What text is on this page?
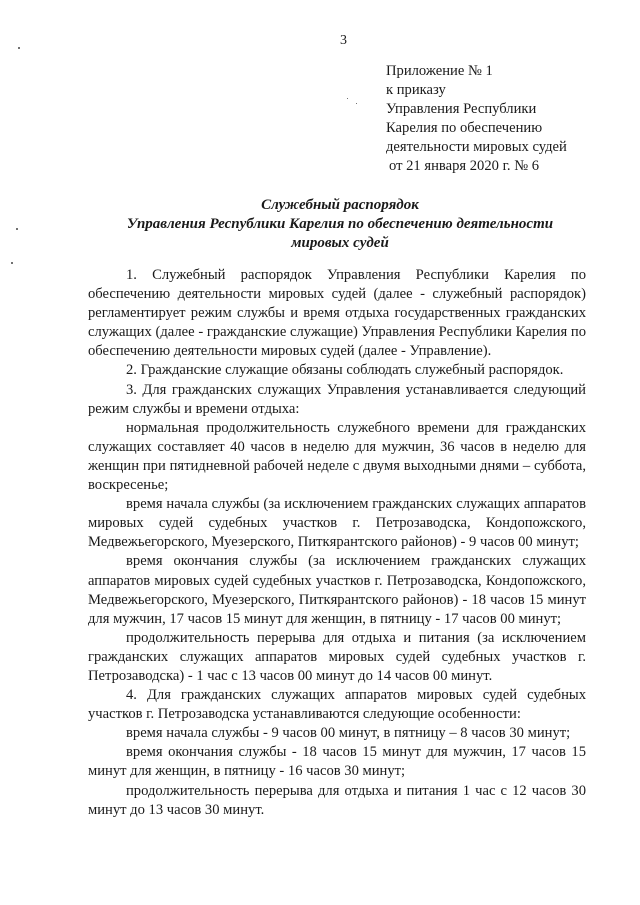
3
Приложение № 1
к приказу
Управления Республики
Карелия по обеспечению
деятельности мировых судей
от 21 января 2020 г. № 6
Служебный распорядок
Управления Республики Карелия по обеспечению деятельности
мировых судей

1. Служебный распорядок Управления Республики Карелия по обеспечению деятельности мировых судей (далее - служебный распорядок) регламентирует режим службы и время отдыха государственных гражданских служащих (далее - гражданские служащие) Управления Республики Карелия по обеспечению деятельности мировых судей (далее - Управление).

2. Гражданские служащие обязаны соблюдать служебный распорядок.

3. Для гражданских служащих Управления устанавливается следующий режим службы и времени отдыха:

нормальная продолжительность служебного времени для гражданских служащих составляет 40 часов в неделю для мужчин, 36 часов в неделю для женщин при пятидневной рабочей неделе с двумя выходными днями – суббота, воскресенье;

время начала службы (за исключением гражданских служащих аппаратов мировых судей судебных участков г. Петрозаводска, Кондопожского, Медвежьегорского, Муезерского, Питкярантского районов) - 9 часов 00 минут;

время окончания службы (за исключением гражданских служащих аппаратов мировых судей судебных участков г. Петрозаводска, Кондопожского, Медвежьегорского, Муезерского, Питкярантского районов) - 18 часов 15 минут для мужчин, 17 часов 15 минут для женщин, в пятницу - 17 часов 00 минут;

продолжительность перерыва для отдыха и питания (за исключением гражданских служащих аппаратов мировых судей судебных участков г. Петрозаводска) - 1 час с 13 часов 00 минут до 14 часов 00 минут.

4. Для гражданских служащих аппаратов мировых судей судебных участков г. Петрозаводска устанавливаются следующие особенности:

время начала службы - 9 часов 00 минут, в пятницу – 8 часов 30 минут;

время окончания службы - 18 часов 15 минут для мужчин, 17 часов 15 минут для женщин, в пятницу - 16 часов 30 минут;

продолжительность перерыва для отдыха и питания 1 час с 12 часов 30 минут до 13 часов 30 минут.
